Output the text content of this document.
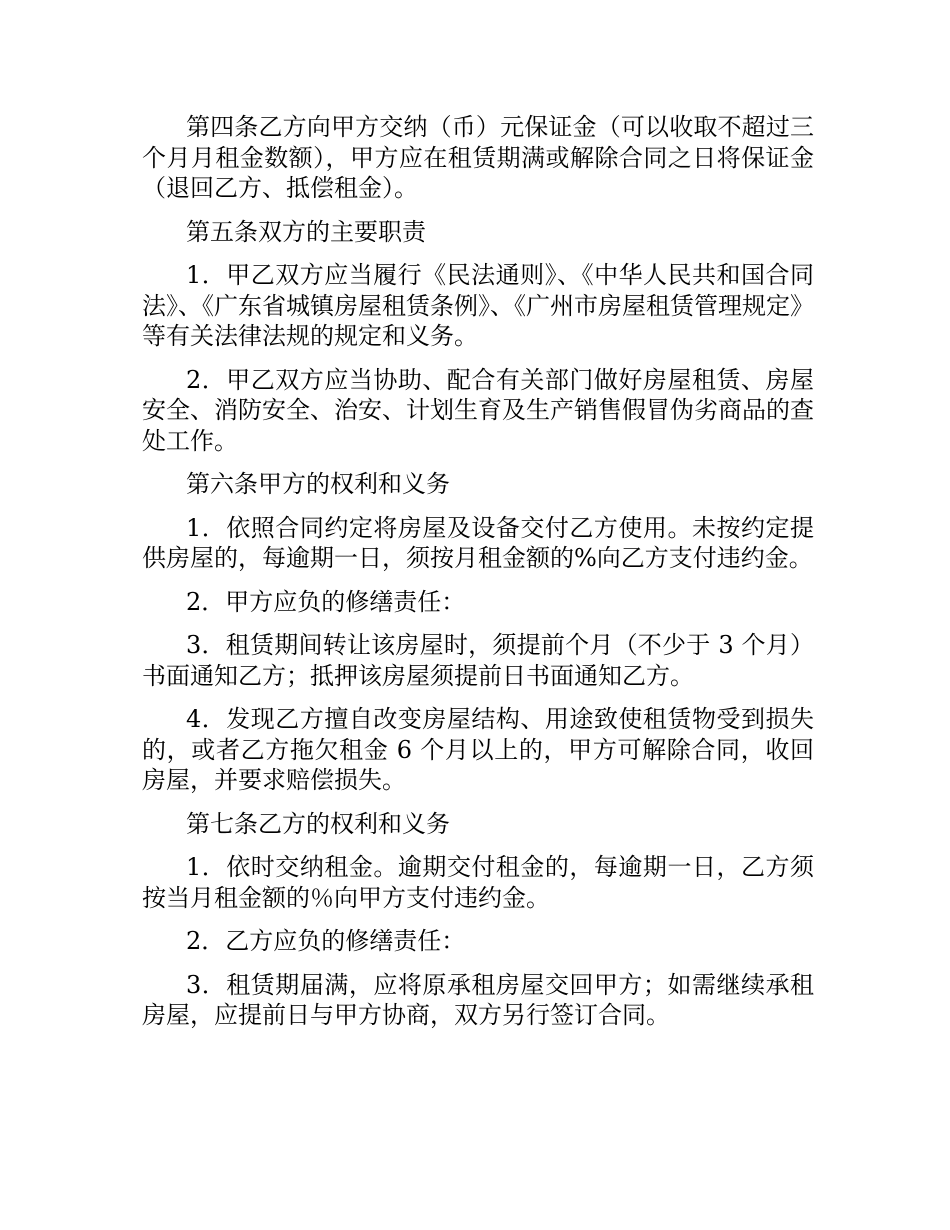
第四条乙方向甲方交纳（币）元保证金（可以收取不超过三个月月租金数额），甲方应在租赁期满或解除合同之日将保证金（退回乙方、抵偿租金）。

第五条双方的主要职责

1．甲乙双方应当履行《民法通则》、《中华人民共和国合同法》、《广东省城镇房屋租赁条例》、《广州市房屋租赁管理规定》等有关法律法规的规定和义务。

2．甲乙双方应当协助、配合有关部门做好房屋租赁、房屋安全、消防安全、治安、计划生育及生产销售假冒伪劣商品的查处工作。

第六条甲方的权利和义务

1．依照合同约定将房屋及设备交付乙方使用。未按约定提供房屋的，每逾期一日，须按月租金额的%向乙方支付违约金。

2．甲方应负的修缮责任：

3．租赁期间转让该房屋时，须提前个月（不少于 3 个月）书面通知乙方；抵押该房屋须提前日书面通知乙方。

4．发现乙方擅自改变房屋结构、用途致使租赁物受到损失的，或者乙方拖欠租金 6 个月以上的，甲方可解除合同，收回房屋，并要求赔偿损失。

第七条乙方的权利和义务

1．依时交纳租金。逾期交付租金的，每逾期一日，乙方须按当月租金额的％向甲方支付违约金。

2．乙方应负的修缮责任：

3．租赁期届满，应将原承租房屋交回甲方；如需继续承租房屋，应提前日与甲方协商，双方另行签订合同。
